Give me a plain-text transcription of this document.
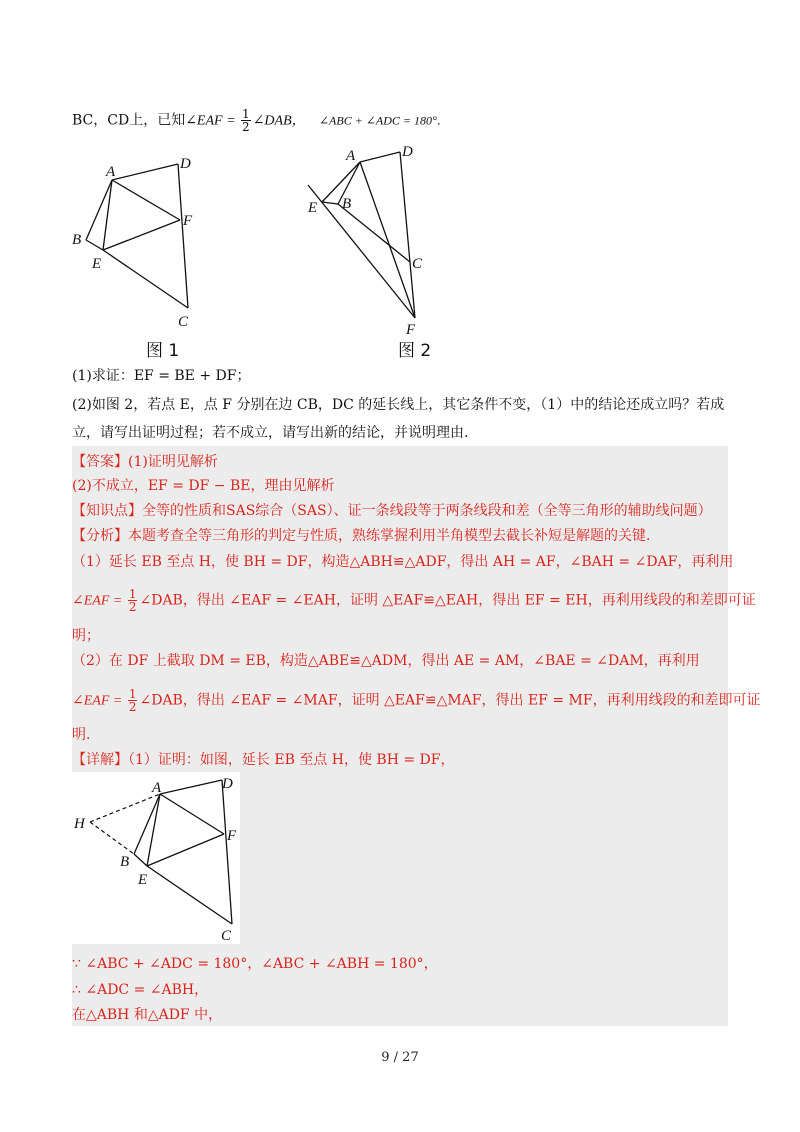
BC，CD上，已知∠EAF = $\frac{1}{2}$ ∠DAB， ∠ABC + ∠ADC = 180°．
A	D
B
E
F
C
图 1
A	D
E B
C
F
图 2
(1)求证：EF = BE + DF；
(2)如图 2，若点 E，点 F 分别在边 CB，DC 的延长线上，其它条件不变，（1）中的结论还成立吗？若成
立，请写出证明过程；若不成立，请写出新的结论，并说明理由.
【答案】(1)证明见解析
(2)不成立，EF = DF − BE，理由见解析
【知识点】全等的性质和SAS综合（SAS）、证一条线段等于两条线段和差（全等三角形的辅助线问题）
【分析】本题考查全等三角形的判定与性质，熟练掌握利用半角模型去截长补短是解题的关键.
（1）延长 EB 至点 H，使 BH = DF，构造△ABH≌△ADF，得出 AH = AF，∠BAH = ∠DAF，再利用
∠EAF = $\frac{1}{2}$ ∠DAB，得出 ∠EAF = ∠EAH，证明 △EAF≌△EAH，得出 EF = EH，再利用线段的和差即可证
明；
（2）在 DF 上截取 DM = EB，构造△ABE≌△ADM，得出 AE = AM，∠BAE = ∠DAM，再利用
∠EAF = $\frac{1}{2}$ ∠DAB，得出 ∠EAF = ∠MAF，证明 △EAF≌△MAF，得出 EF = MF，再利用线段的和差即可证
明.
【详解】（1）证明：如图，延长 EB 至点 H，使 BH = DF，
H
A	D
B
E
F
C
∵ ∠ABC + ∠ADC = 180°，∠ABC + ∠ABH = 180°，
∴ ∠ADC = ∠ABH，
在△ABH 和△ADF 中，
9 / 27
